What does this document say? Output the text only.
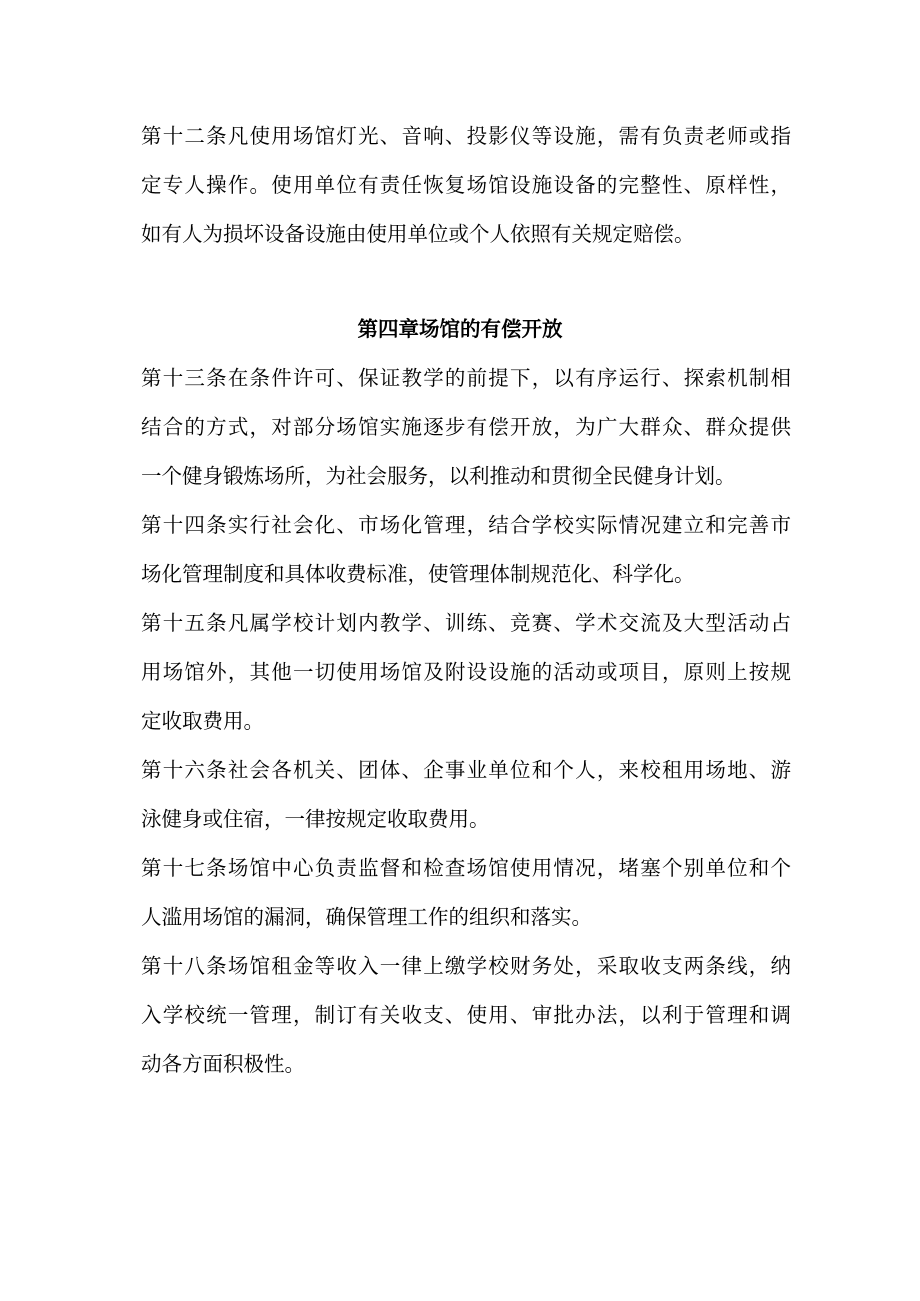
第十二条凡使用场馆灯光、音响、投影仪等设施，需有负责老师或指
定专人操作。使用单位有责任恢复场馆设施设备的完整性、原样性，
如有人为损坏设备设施由使用单位或个人依照有关规定赔偿。
第四章场馆的有偿开放
第十三条在条件许可、保证教学的前提下，以有序运行、探索机制相
结合的方式，对部分场馆实施逐步有偿开放，为广大群众、群众提供
一个健身锻炼场所，为社会服务，以利推动和贯彻全民健身计划。
第十四条实行社会化、市场化管理，结合学校实际情况建立和完善市
场化管理制度和具体收费标准，使管理体制规范化、科学化。
第十五条凡属学校计划内教学、训练、竞赛、学术交流及大型活动占
用场馆外，其他一切使用场馆及附设设施的活动或项目，原则上按规
定收取费用。
第十六条社会各机关、团体、企事业单位和个人，来校租用场地、游
泳健身或住宿，一律按规定收取费用。
第十七条场馆中心负责监督和检查场馆使用情况，堵塞个别单位和个
人滥用场馆的漏洞，确保管理工作的组织和落实。
第十八条场馆租金等收入一律上缴学校财务处，采取收支两条线，纳
入学校统一管理，制订有关收支、使用、审批办法，以利于管理和调
动各方面积极性。
